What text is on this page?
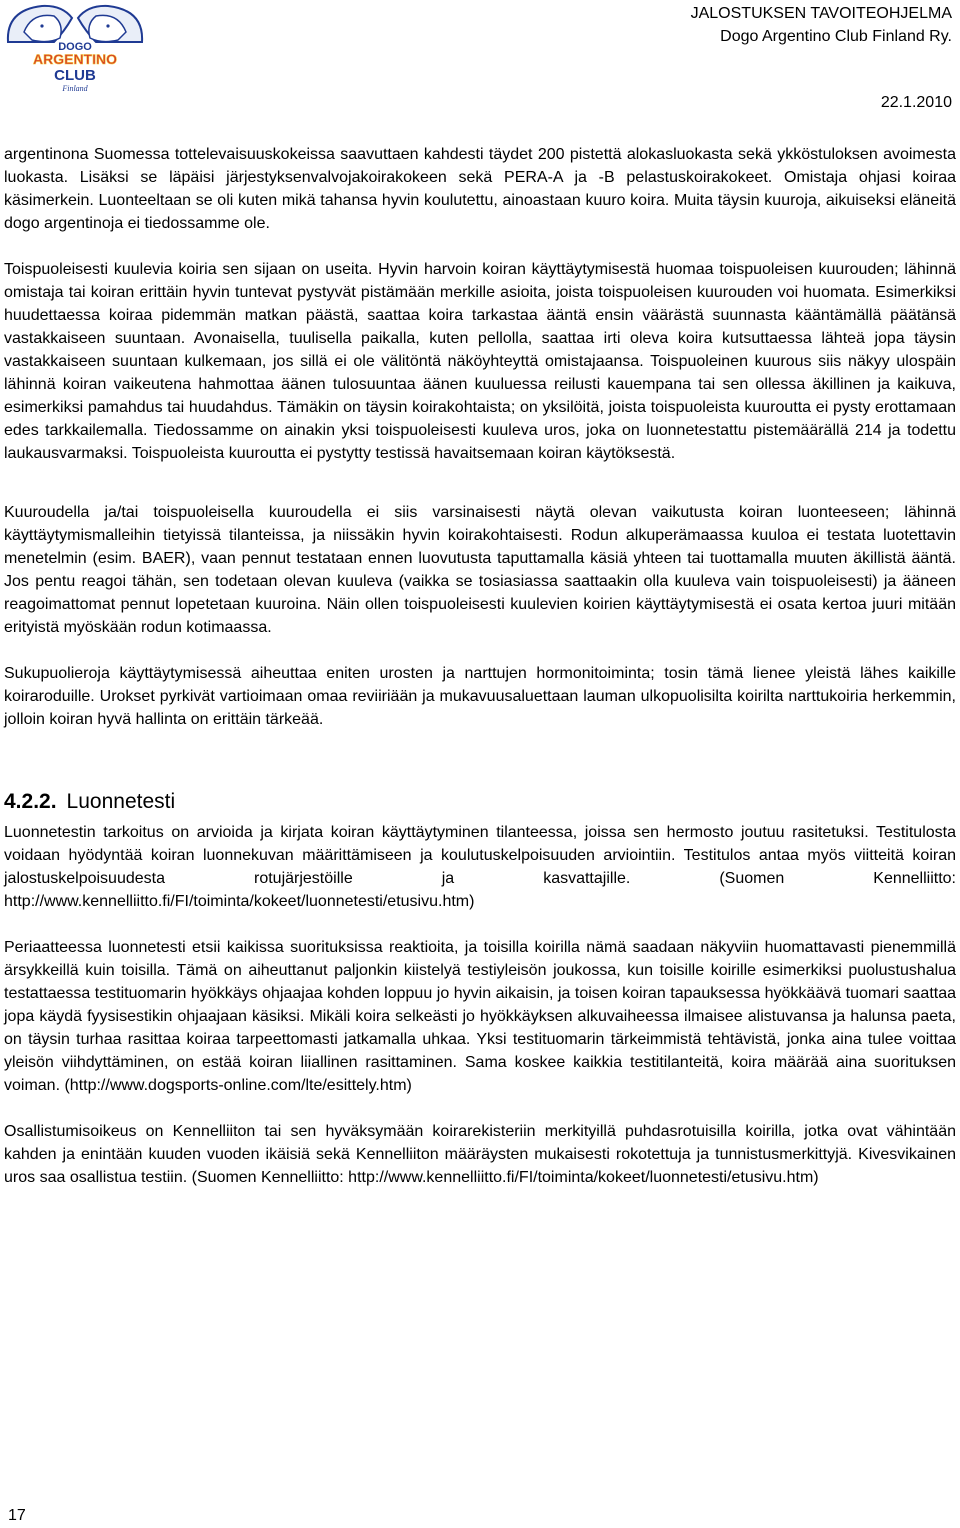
DOGO
ARGENTINO
CLUB
Finland
JALOSTUKSEN TAVOITEOHJELMA
Dogo Argentino Club Finland Ry.
22.1.2010

argentinona Suomessa tottelevaisuuskokeissa saavuttaen kahdesti täydet 200 pistettä alokasluokasta sekä ykköstuloksen avoimesta luokasta. Lisäksi se läpäisi järjestyksenvalvojakoirakokeen sekä PERA-A ja -B pelastuskoirakokeet. Omistaja ohjasi koiraa käsimerkein. Luonteeltaan se oli kuten mikä tahansa hyvin koulutettu, ainoastaan kuuro koira. Muita täysin kuuroja, aikuiseksi eläneitä dogo argentinoja ei tiedossamme ole.

Toispuoleisesti kuulevia koiria sen sijaan on useita. Hyvin harvoin koiran käyttäytymisestä huomaa toispuoleisen kuurouden; lähinnä omistaja tai koiran erittäin hyvin tuntevat pystyvät pistämään merkille asioita, joista toispuoleisen kuurouden voi huomata. Esimerkiksi huudettaessa koiraa pidemmän matkan päästä, saattaa koira tarkastaa ääntä ensin väärästä suunnasta kääntämällä päätänsä vastakkaiseen suuntaan. Avonaisella, tuulisella paikalla, kuten pellolla, saattaa irti oleva koira kutsuttaessa lähteä jopa täysin vastakkaiseen suuntaan kulkemaan, jos sillä ei ole välitöntä näköyhteyttä omistajaansa. Toispuoleinen kuurous siis näkyy ulospäin lähinnä koiran vaikeutena hahmottaa äänen tulosuuntaa äänen kuuluessa reilusti kauempana tai sen ollessa äkillinen ja kaikuva, esimerkiksi pamahdus tai huudahdus. Tämäkin on täysin koirakohtaista; on yksilöitä, joista toispuoleista kuuroutta ei pysty erottamaan edes tarkkailemalla. Tiedossamme on ainakin yksi toispuoleisesti kuuleva uros, joka on luonnetestattu pistemäärällä 214 ja todettu laukausvarmaksi. Toispuoleista kuuroutta ei pystytty testissä havaitsemaan koiran käytöksestä.

Kuuroudella ja/tai toispuoleisella kuuroudella ei siis varsinaisesti näytä olevan vaikutusta koiran luonteeseen; lähinnä käyttäytymismalleihin tietyissä tilanteissa, ja niissäkin hyvin koirakohtaisesti. Rodun alkuperämaassa kuuloa ei testata luotettavin menetelmin (esim. BAER), vaan pennut testataan ennen luovutusta taputtamalla käsiä yhteen tai tuottamalla muuten äkillistä ääntä. Jos pentu reagoi tähän, sen todetaan olevan kuuleva (vaikka se tosiasiassa saattaakin olla kuuleva vain toispuoleisesti) ja ääneen reagoimattomat pennut lopetetaan kuuroina. Näin ollen toispuoleisesti kuulevien koirien käyttäytymisestä ei osata kertoa juuri mitään erityistä myöskään rodun kotimaassa.

Sukupuolieroja käyttäytymisessä aiheuttaa eniten urosten ja narttujen hormonitoiminta; tosin tämä lienee yleistä lähes kaikille koiraroduille. Urokset pyrkivät vartioimaan omaa reviiriään ja mukavuusaluettaan lauman ulkopuolisilta koirilta narttukoiria herkemmin, jolloin koiran hyvä hallinta on erittäin tärkeää.

4.2.2. Luonnetesti

Luonnetestin tarkoitus on arvioida ja kirjata koiran käyttäytyminen tilanteessa, joissa sen hermosto joutuu rasitetuksi. Testitulosta voidaan hyödyntää koiran luonnekuvan määrittämiseen ja koulutuskelpoisuuden arviointiin. Testitulos antaa myös viitteitä koiran jalostuskelpoisuudesta rotujärjestöille ja kasvattajille. (Suomen Kennelliitto: http://www.kennelliitto.fi/FI/toiminta/kokeet/luonnetesti/etusivu.htm)

Periaatteessa luonnetesti etsii kaikissa suorituksissa reaktioita, ja toisilla koirilla nämä saadaan näkyviin huomattavasti pienemmillä ärsykkeillä kuin toisilla. Tämä on aiheuttanut paljonkin kiistelyä testiyleisön joukossa, kun toisille koirille esimerkiksi puolustushalua testattaessa testituomarin hyökkäys ohjaajaa kohden loppuu jo hyvin aikaisin, ja toisen koiran tapauksessa hyökkäävä tuomari saattaa jopa käydä fyysisestikin ohjaajaan käsiksi. Mikäli koira selkeästi jo hyökkäyksen alkuvaiheessa ilmaisee alistuvansa ja halunsa paeta, on täysin turhaa rasittaa koiraa tarpeettomasti jatkamalla uhkaa. Yksi testituomarin tärkeimmistä tehtävistä, jonka aina tulee voittaa yleisön viihdyttäminen, on estää koiran liiallinen rasittaminen. Sama koskee kaikkia testitilanteitä, koira määrää aina suorituksen voiman. (http://www.dogsports-online.com/lte/esittely.htm)

Osallistumisoikeus on Kennelliiton tai sen hyväksymään koirarekisteriin merkityillä puhdasrotuisilla koirilla, jotka ovat vähintään kahden ja enintään kuuden vuoden ikäisiä sekä Kennelliiton määräysten mukaisesti rokotettuja ja tunnistusmerkittyjä. Kivesvikainen uros saa osallistua testiin. (Suomen Kennelliitto: http://www.kennelliitto.fi/FI/toiminta/kokeet/luonnetesti/etusivu.htm)

17
